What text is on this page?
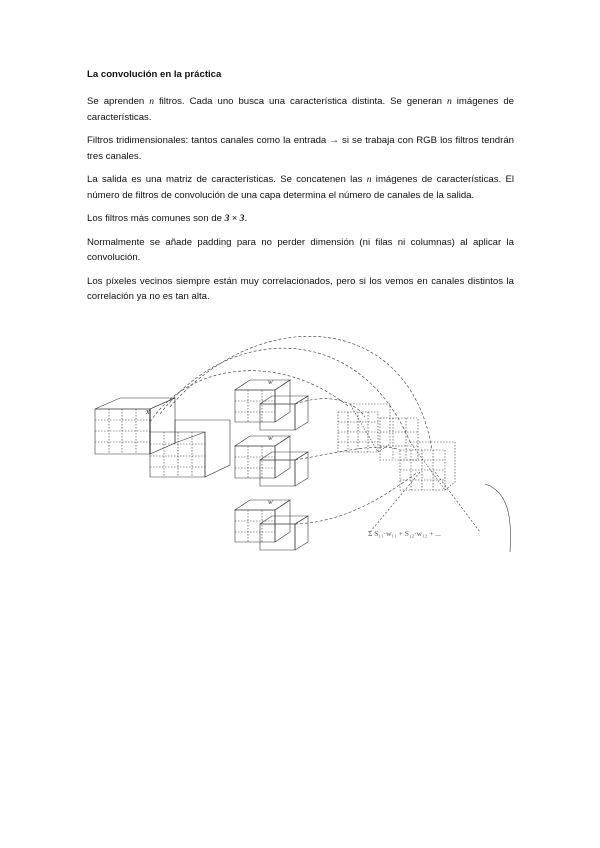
La convolución en la práctica

Se aprenden n filtros. Cada uno busca una característica distinta. Se generan n imágenes de características.

Filtros tridimensionales: tantos canales como la entrada → si se trabaja con RGB los filtros tendrán tres canales.

La salida es una matriz de características. Se concatenen las n imágenes de características. El número de filtros de convolución de una capa determina el número de canales de la salida.

Los filtros más comunes son de 3 × 3.

Normalmente se añade padding para no perder dimensión (ni filas ni columnas) al aplicar la convolución.

Los píxeles vecinos siempre están muy correlacionados, pero si los vemos en canales distintos la correlación ya no es tan alta.

x
w
w
w
Σ S₁₁·w₁₁ + S₁₂·w₁₂ + ...
